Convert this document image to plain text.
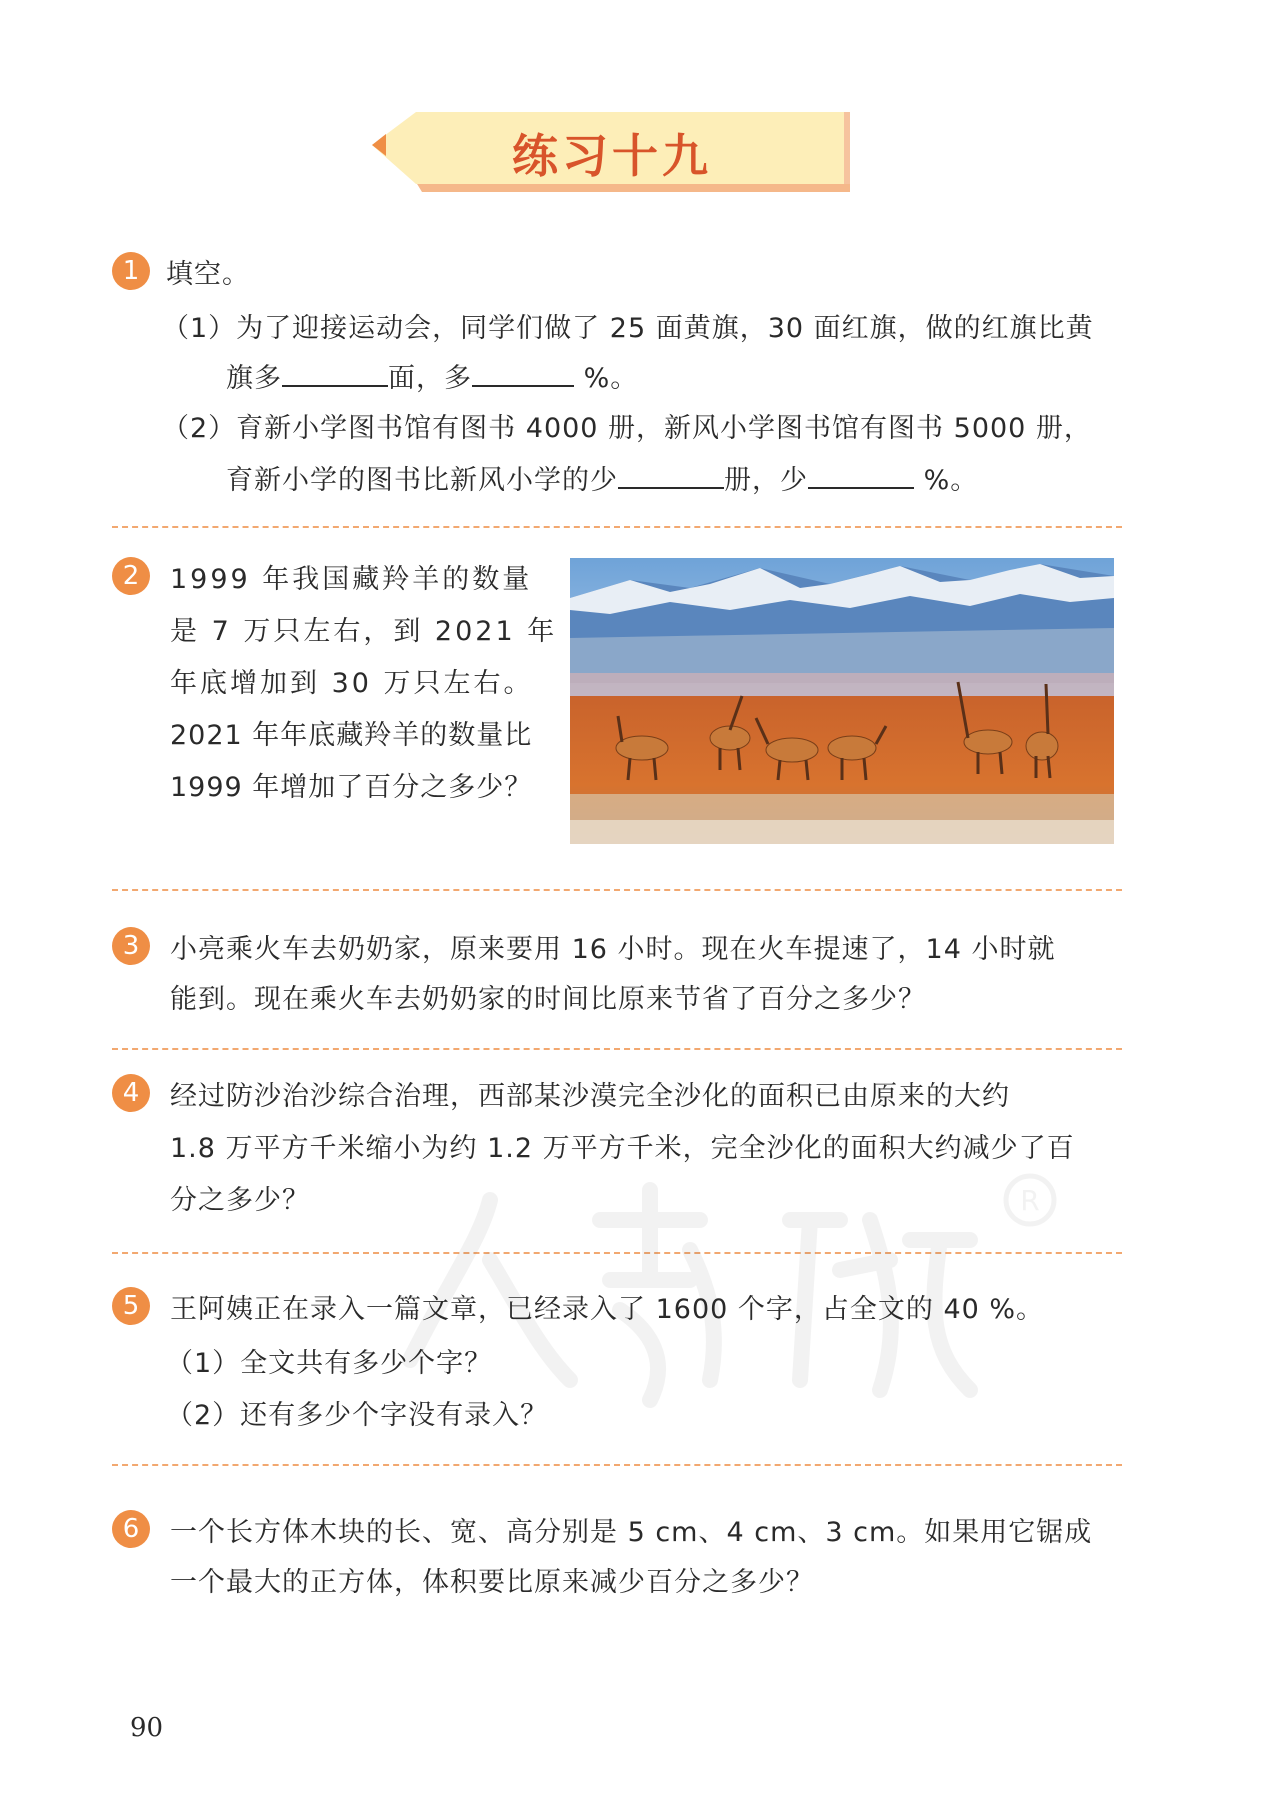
练习十九
1 填空。
（1）为了迎接运动会，同学们做了 25 面黄旗，30 面红旗，做的红旗比黄
旗多	面，多	%。
（2）育新小学图书馆有图书 4000 册，新风小学图书馆有图书 5000 册，
育新小学的图书比新风小学的少	册，少	%。
2	1999 年我国藏羚羊的数量
是 7 万只左右，到 2021 年
年底增加到 30 万只左右。
2021 年年底藏羚羊的数量比
1999 年增加了百分之多少？
3	小亮乘火车去奶奶家，原来要用 16 小时。现在火车提速了，14 小时就
能到。现在乘火车去奶奶家的时间比原来节省了百分之多少？
4	经过防沙治沙综合治理，西部某沙漠完全沙化的面积已由原来的大约
1.8 万平方千米缩小为约 1.2 万平方千米，完全沙化的面积大约减少了百
分之多少？	R
5	王阿姨正在录入一篇文章，已经录入了 1600 个字，占全文的 40 %。
（1）全文共有多少个字？
（2）还有多少个字没有录入？
6	一个长方体木块的长、宽、高分别是 5 cm、4 cm、3 cm。如果用它锯成
一个最大的正方体，体积要比原来减少百分之多少？
90
